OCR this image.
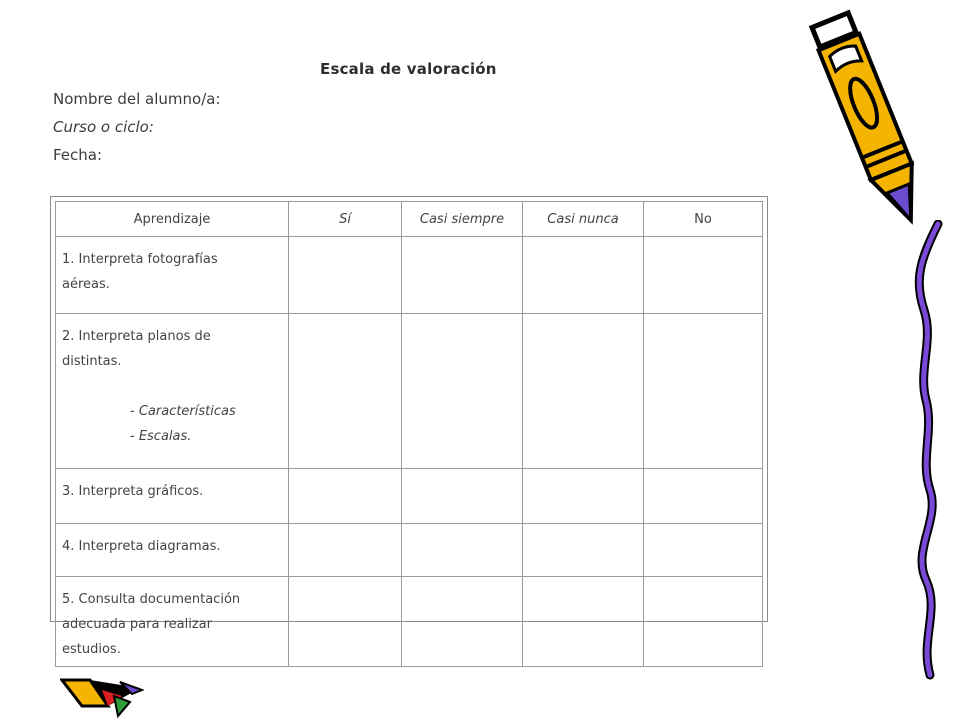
Escala de valoración
Nombre del alumno/a:
Curso o ciclo:
Fecha:
Aprendizaje	Sí	Casi siempre	Casi nunca	No

1. Interpreta fotografías
aéreas.				

2. Interpreta planos de
distintas.

- Características
- Escalas.				

3. Interpreta gráficos.				

4. Interpreta diagramas.				

5. Consulta documentación
adecuada para realizar
estudios.				
